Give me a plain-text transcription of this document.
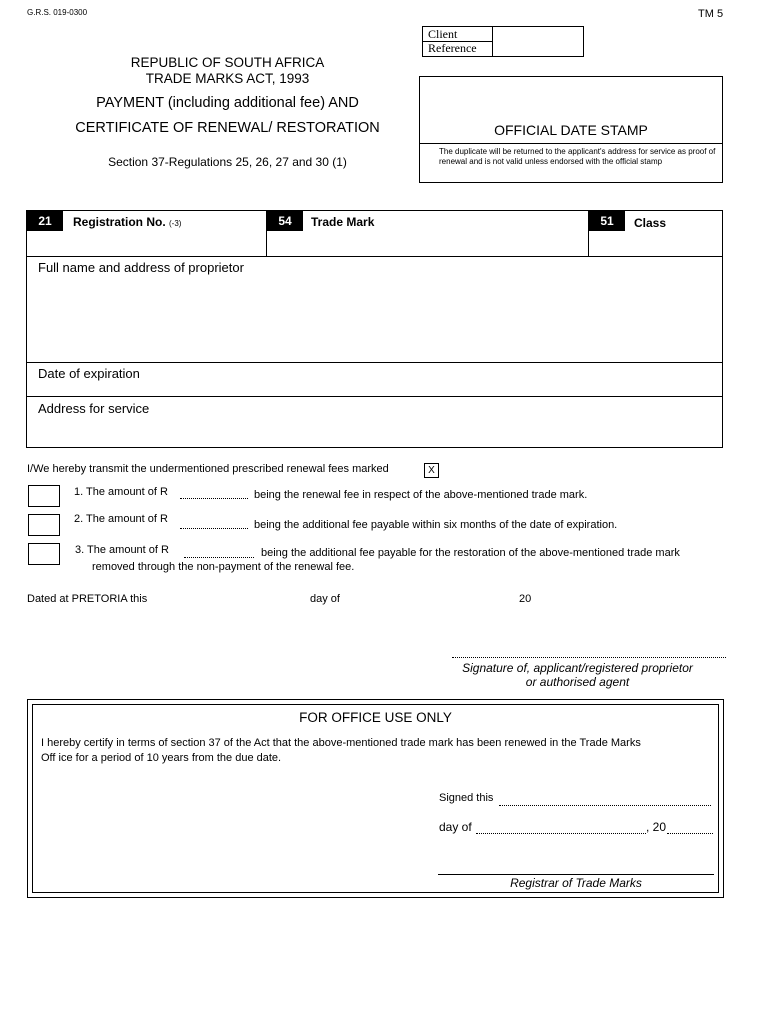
G.R.S. 019-0300	TM 5
REPUBLIC OF SOUTH AFRICA
TRADE MARKS ACT, 1993
PAYMENT (including additional fee) AND
CERTIFICATE OF RENEWAL/ RESTORATION
Section 37-Regulations 25, 26, 27 and 30 (1)
Client
Reference
OFFICIAL DATE STAMP
The duplicate will be returned to the applicant's address for service as proof of renewal and is not valid unless endorsed with the official stamp
21	Registration No. (-3)	54	Trade Mark	51	Class
Full name and address of proprietor
Date of expiration
Address for service
I/We hereby transmit the undermentioned prescribed renewal fees marked	X
1. The amount of R	being the renewal fee in respect of the above-mentioned trade mark.
2. The amount of R	being the additional fee payable within six months of the date of expiration.
3. The amount of R	being the additional fee payable for the restoration of the above-mentioned trade mark
removed through the non-payment of the renewal fee.
Dated at PRETORIA this	day of	20
Signature of, applicant/registered proprietor
or authorised agent
FOR OFFICE USE ONLY
I hereby certify in terms of section 37 of the Act that the above-mentioned trade mark has been renewed in the Trade Marks
Off ice for a period of 10 years from the due date.
Signed this
day of	, 20
Registrar of Trade Marks
